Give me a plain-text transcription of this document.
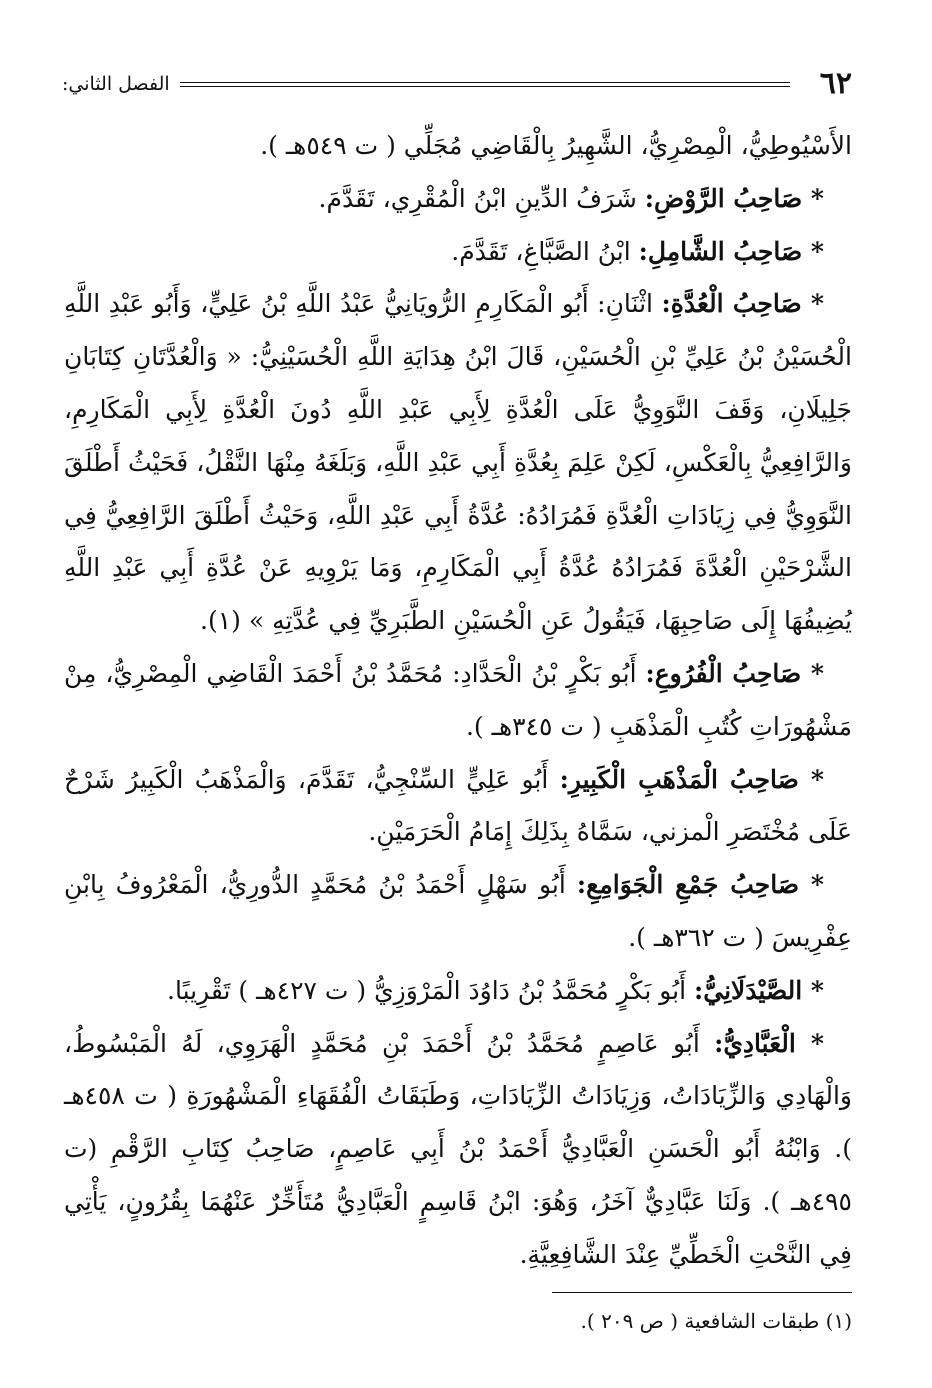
٦٢
الفصل الثاني:

الأَسْيُوطِيُّ، الْمِصْرِيُّ، الشَّهِيرُ بِالْقَاضِي مُجَلِّي ( ت ٥٤٩هـ ).

* صَاحِبُ الرَّوْضِ: شَرَفُ الدِّينِ ابْنُ الْمُقْرِي، تَقَدَّمَ.

* صَاحِبُ الشَّامِلِ: ابْنُ الصَّبَّاغِ، تَقَدَّمَ.

* صَاحِبُ الْعُدَّةِ: اثْنَانِ: أَبُو الْمَكَارِمِ الرُّويَانِيُّ عَبْدُ اللَّهِ بْنُ عَلِيٍّ، وَأَبُو عَبْدِ اللَّهِ الْحُسَيْنُ بْنُ عَلِيِّ بْنِ الْحُسَيْنِ، قَالَ ابْنُ هِدَايَةِ اللَّهِ الْحُسَيْنِيُّ: « وَالْعُدَّتَانِ كِتَابَانِ جَلِيلَانِ، وَقَفَ النَّوَوِيُّ عَلَى الْعُدَّةِ لِأَبِي عَبْدِ اللَّهِ دُونَ الْعُدَّةِ لِأَبِي الْمَكَارِمِ، وَالرَّافِعِيُّ بِالْعَكْسِ، لَكِنْ عَلِمَ بِعُدَّةِ أَبِي عَبْدِ اللَّهِ، وَبَلَغَهُ مِنْهَا النَّقْلُ، فَحَيْثُ أَطْلَقَ النَّوَوِيُّ فِي زِيَادَاتِ الْعُدَّةِ فَمُرَادُهُ: عُدَّةُ أَبِي عَبْدِ اللَّهِ، وَحَيْثُ أَطْلَقَ الرَّافِعِيُّ فِي الشَّرْحَيْنِ الْعُدَّةَ فَمُرَادُهُ عُدَّةُ أَبِي الْمَكَارِمِ، وَمَا يَرْوِيهِ عَنْ عُدَّةِ أَبِي عَبْدِ اللَّهِ يُضِيفُهَا إِلَى صَاحِبِهَا، فَيَقُولُ عَنِ الْحُسَيْنِ الطَّبَرِيِّ فِي عُدَّتِهِ » (١).

* صَاحِبُ الْفُرُوعِ: أَبُو بَكْرٍ بْنُ الْحَدَّادِ: مُحَمَّدُ بْنُ أَحْمَدَ الْقَاضِي الْمِصْرِيُّ، مِنْ مَشْهُورَاتِ كُتُبِ الْمَذْهَبِ ( ت ٣٤٥هـ ).

* صَاحِبُ الْمَذْهَبِ الْكَبِيرِ: أَبُو عَلِيٍّ السِّنْجِيُّ، تَقَدَّمَ، وَالْمَذْهَبُ الْكَبِيرُ شَرْحٌ عَلَى مُخْتَصَرِ الْمزني، سَمَّاهُ بِذَلِكَ إِمَامُ الْحَرَمَيْنِ.

* صَاحِبُ جَمْعِ الْجَوَامِعِ: أَبُو سَهْلٍ أَحْمَدُ بْنُ مُحَمَّدٍ الدُّورِيُّ، الْمَعْرُوفُ بِابْنِ عِفْرِيسَ ( ت ٣٦٢هـ ).

* الصَّيْدَلَانِيُّ: أَبُو بَكْرٍ مُحَمَّدُ بْنُ دَاوُدَ الْمَرْوَزِيُّ ( ت ٤٢٧هـ ) تَقْرِيبًا.

* الْعَبَّادِيُّ: أَبُو عَاصِمٍ مُحَمَّدُ بْنُ أَحْمَدَ بْنِ مُحَمَّدٍ الْهَرَوِي، لَهُ الْمَبْسُوطُ، وَالْهَادِي وَالزِّيَادَاتُ، وَزِيَادَاتُ الزِّيَادَاتِ، وَطَبَقَاتُ الْفُقَهَاءِ الْمَشْهُورَةِ ( ت ٤٥٨هـ ). وَابْنُهُ أَبُو الْحَسَنِ الْعَبَّادِيُّ أَحْمَدُ بْنُ أَبِي عَاصِمٍ، صَاحِبُ كِتَابِ الرَّقْمِ (ت ٤٩٥هـ ). وَلَنَا عَبَّادِيٌّ آخَرُ، وَهُوَ: ابْنُ قَاسِمٍ الْعَبَّادِيُّ مُتَأَخِّرٌ عَنْهُمَا بِقُرُونٍ، يَأْتِي فِي النَّحْتِ الْخَطِّيِّ عِنْدَ الشَّافِعِيَّةِ.

(١) طبقات الشافعية ( ص ٢٠٩ ).
